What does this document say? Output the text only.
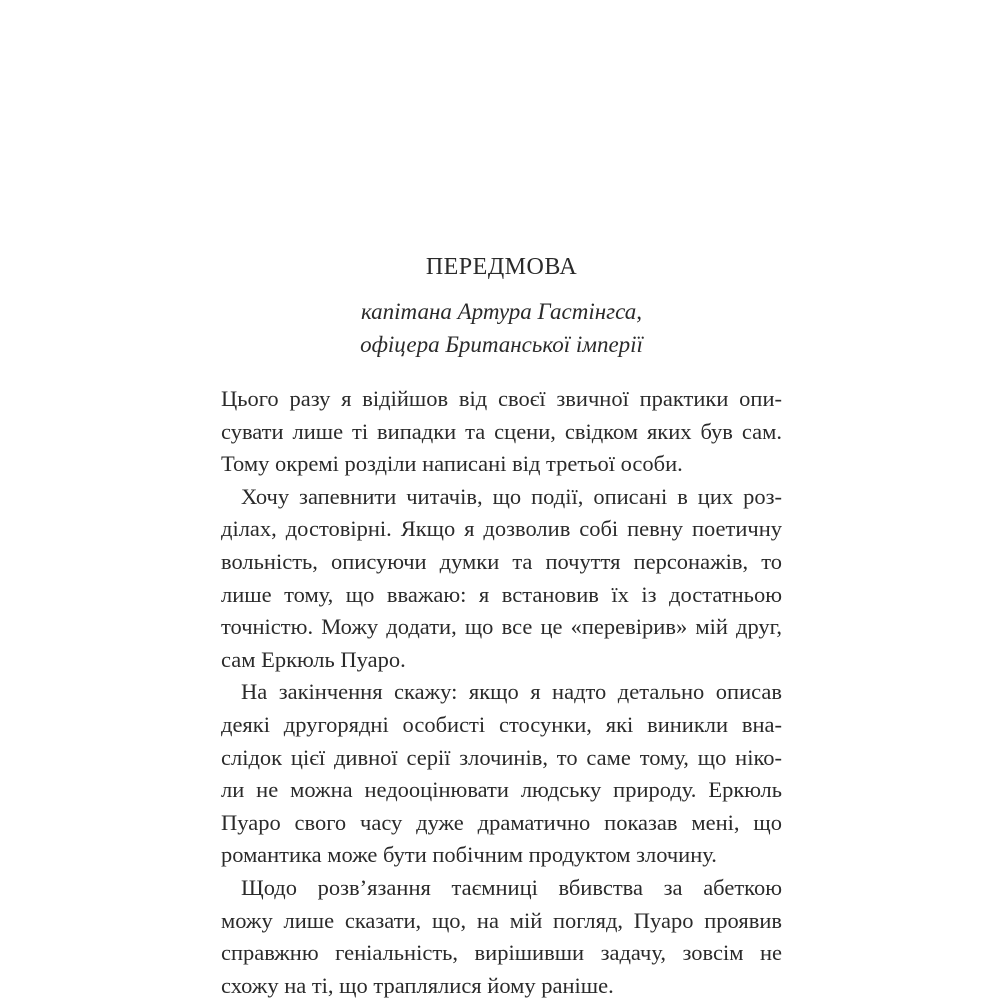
ПЕРЕДМОВА
капітана Артура Гастінгса,
офіцера Британської імперії
Цього разу я відійшов від своєї звичної практики опи-
сувати лише ті випадки та сцени, свідком яких був сам.
Тому окремі розділи написані від третьої особи.
Хочу запевнити читачів, що події, описані в цих роз-
ділах, достовірні. Якщо я дозволив собі певну поетичну
вольність, описуючи думки та почуття персонажів, то
лише тому, що вважаю: я встановив їх із достатньою
точністю. Можу додати, що все це «перевірив» мій друг,
сам Еркюль Пуаро.
На закінчення скажу: якщо я надто детально описав
деякі другорядні особисті стосунки, які виникли вна-
слідок цієї дивної серії злочинів, то саме тому, що ніко-
ли не можна недооцінювати людську природу. Еркюль
Пуаро свого часу дуже драматично показав мені, що
романтика може бути побічним продуктом злочину.
Щодо розв’язання таємниці вбивства за абеткою
можу лише сказати, що, на мій погляд, Пуаро проявив
справжню геніальність, вирішивши задачу, зовсім не
схожу на ті, що траплялися йому раніше.
